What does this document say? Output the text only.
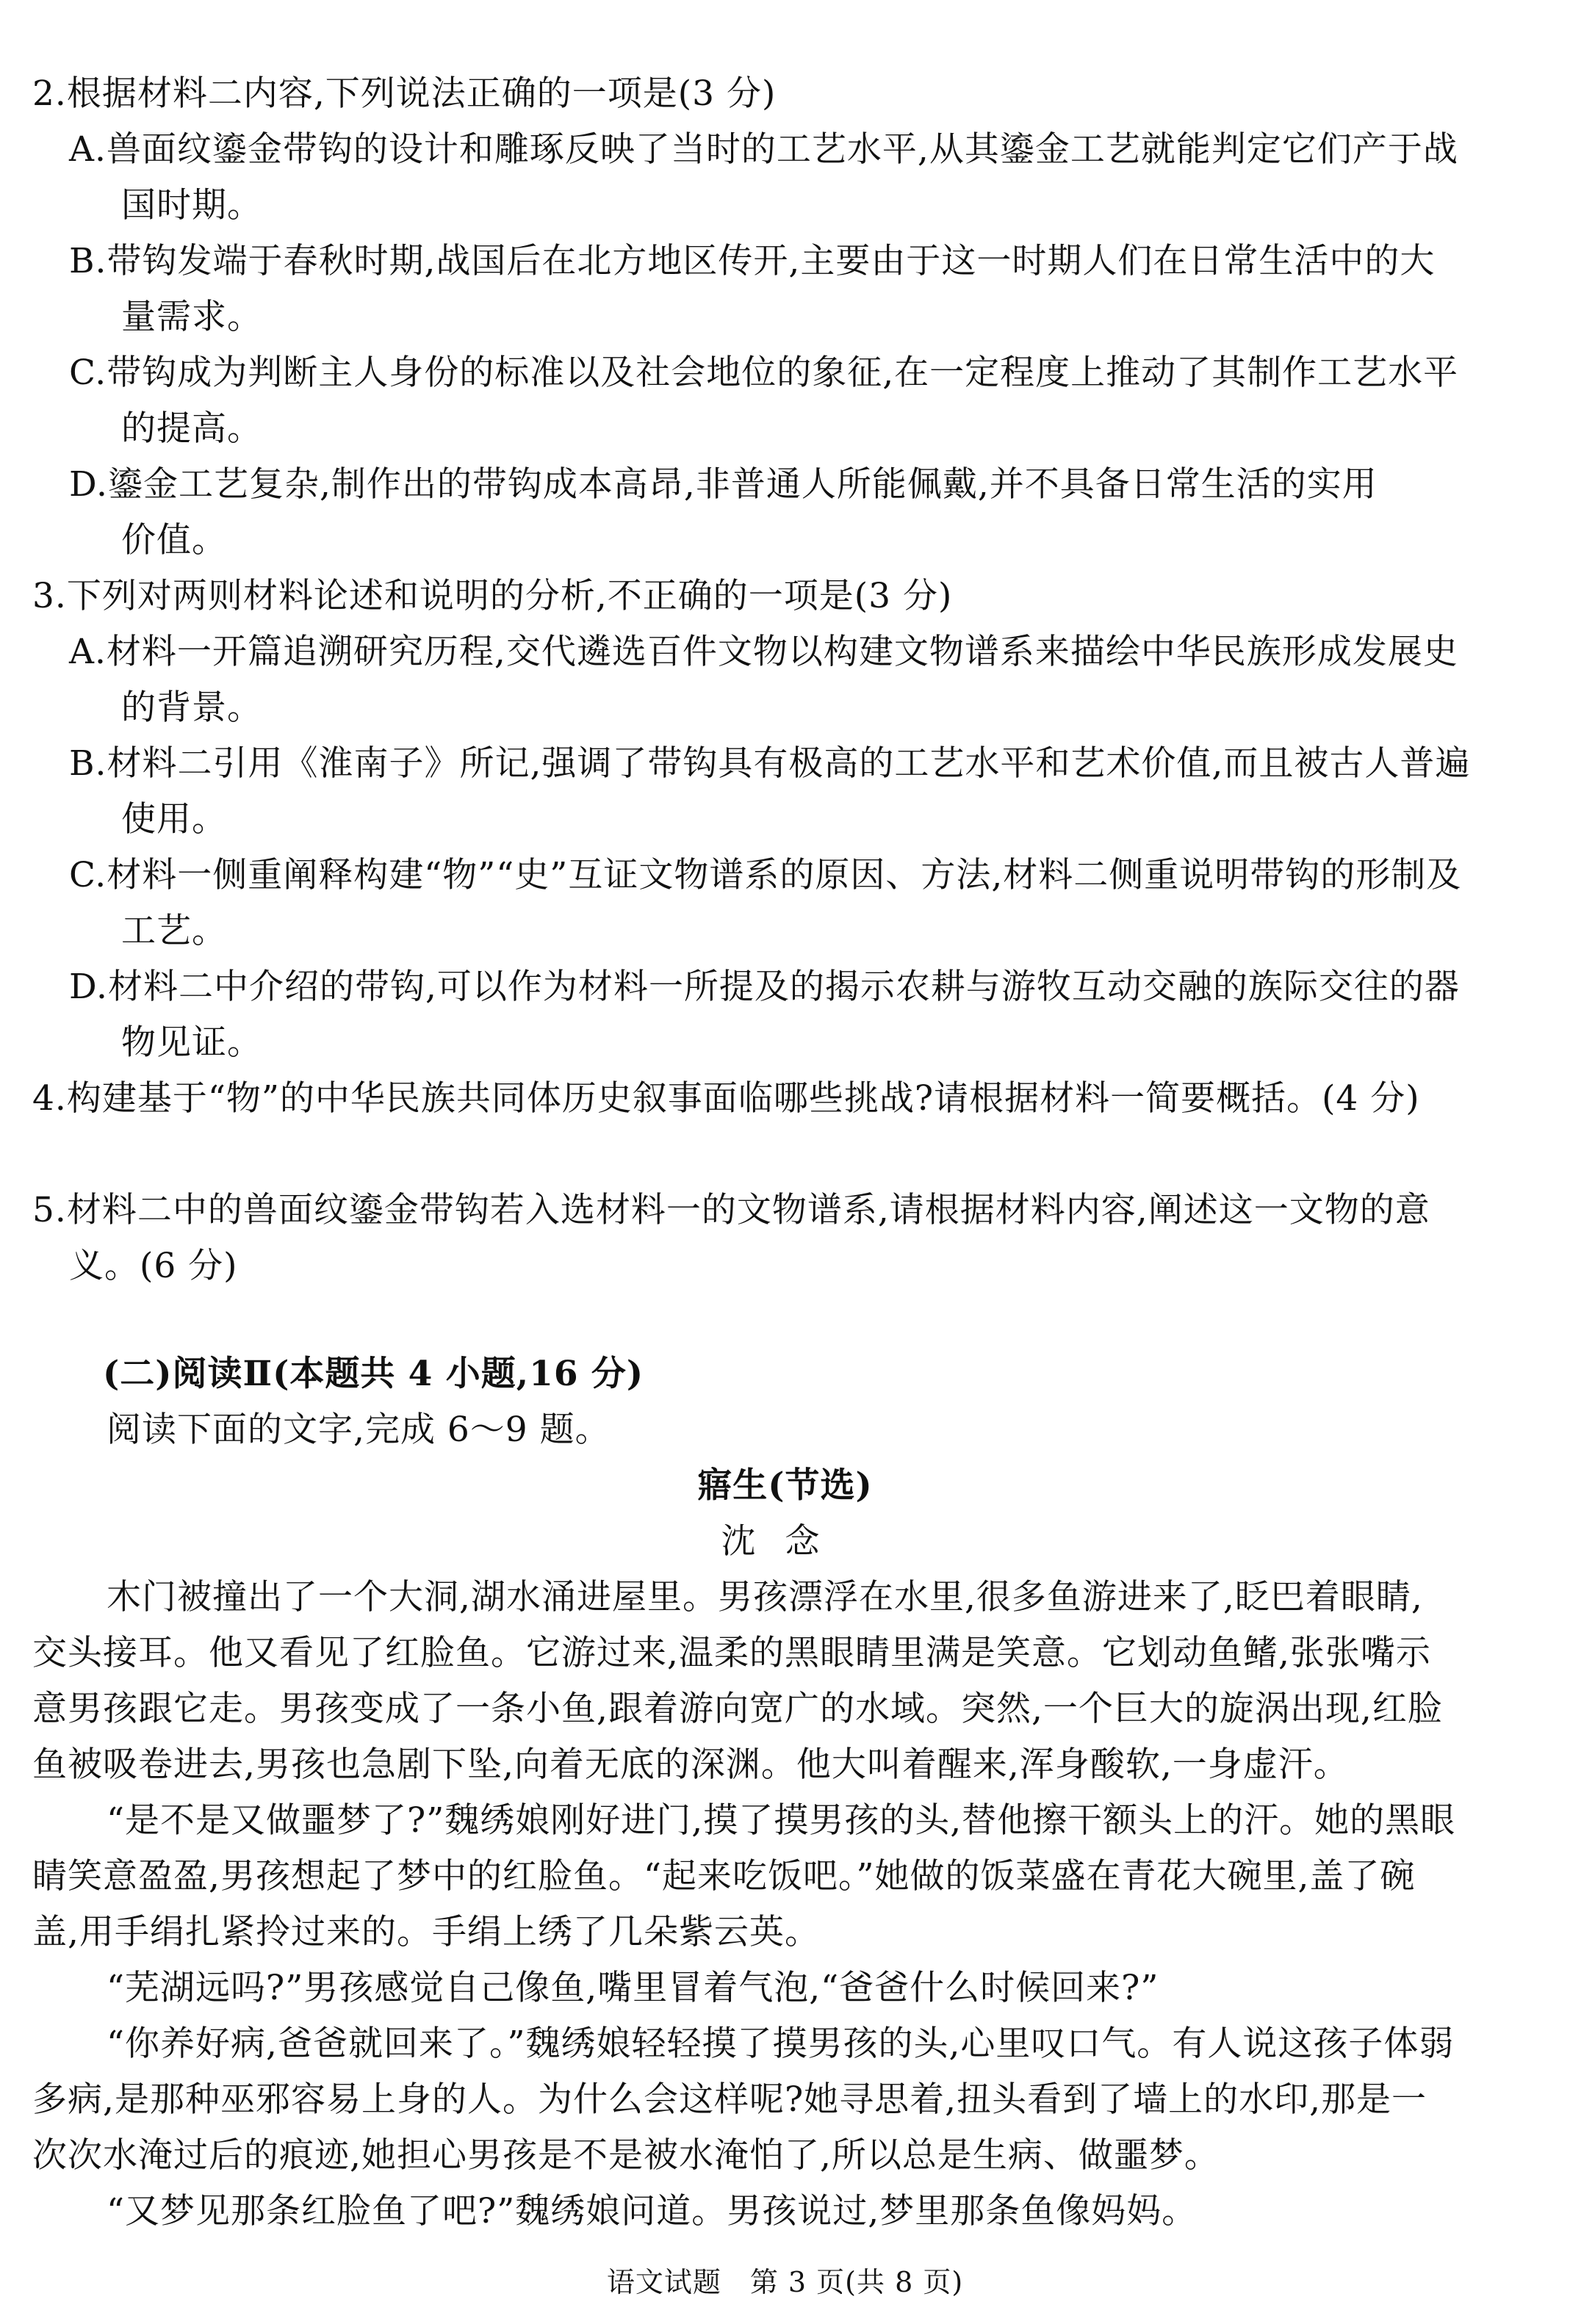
2.根据材料二内容,下列说法正确的一项是(3 分)
A.兽面纹鎏金带钩的设计和雕琢反映了当时的工艺水平,从其鎏金工艺就能判定它们产于战
国时期。
B.带钩发端于春秋时期,战国后在北方地区传开,主要由于这一时期人们在日常生活中的大
量需求。
C.带钩成为判断主人身份的标准以及社会地位的象征,在一定程度上推动了其制作工艺水平
的提高。
D.鎏金工艺复杂,制作出的带钩成本高昂,非普通人所能佩戴,并不具备日常生活的实用
价值。
3.下列对两则材料论述和说明的分析,不正确的一项是(3 分)
A.材料一开篇追溯研究历程,交代遴选百件文物以构建文物谱系来描绘中华民族形成发展史
的背景。
B.材料二引用《淮南子》所记,强调了带钩具有极高的工艺水平和艺术价值,而且被古人普遍
使用。
C.材料一侧重阐释构建“物”“史”互证文物谱系的原因、方法,材料二侧重说明带钩的形制及
工艺。
D.材料二中介绍的带钩,可以作为材料一所提及的揭示农耕与游牧互动交融的族际交往的器
物见证。
4.构建基于“物”的中华民族共同体历史叙事面临哪些挑战?请根据材料一简要概括。(4 分)
5.材料二中的兽面纹鎏金带钩若入选材料一的文物谱系,请根据材料内容,阐述这一文物的意
义。(6 分)
(二)阅读Ⅱ(本题共 4 小题,16 分)
阅读下面的文字,完成 6～9 题。
寤生(节选)
沈念
木门被撞出了一个大洞,湖水涌进屋里。男孩漂浮在水里,很多鱼游进来了,眨巴着眼睛,
交头接耳。他又看见了红脸鱼。它游过来,温柔的黑眼睛里满是笑意。它划动鱼鳍,张张嘴示
意男孩跟它走。男孩变成了一条小鱼,跟着游向宽广的水域。突然,一个巨大的旋涡出现,红脸
鱼被吸卷进去,男孩也急剧下坠,向着无底的深渊。他大叫着醒来,浑身酸软,一身虚汗。
“是不是又做噩梦了?”魏绣娘刚好进门,摸了摸男孩的头,替他擦干额头上的汗。她的黑眼
睛笑意盈盈,男孩想起了梦中的红脸鱼。“起来吃饭吧。”她做的饭菜盛在青花大碗里,盖了碗
盖,用手绢扎紧拎过来的。手绢上绣了几朵紫云英。
“芜湖远吗?”男孩感觉自己像鱼,嘴里冒着气泡,“爸爸什么时候回来?”
“你养好病,爸爸就回来了。”魏绣娘轻轻摸了摸男孩的头,心里叹口气。有人说这孩子体弱
多病,是那种巫邪容易上身的人。为什么会这样呢?她寻思着,扭头看到了墙上的水印,那是一
次次水淹过后的痕迹,她担心男孩是不是被水淹怕了,所以总是生病、做噩梦。
“又梦见那条红脸鱼了吧?”魏绣娘问道。男孩说过,梦里那条鱼像妈妈。
语文试题　第 3 页(共 8 页)
